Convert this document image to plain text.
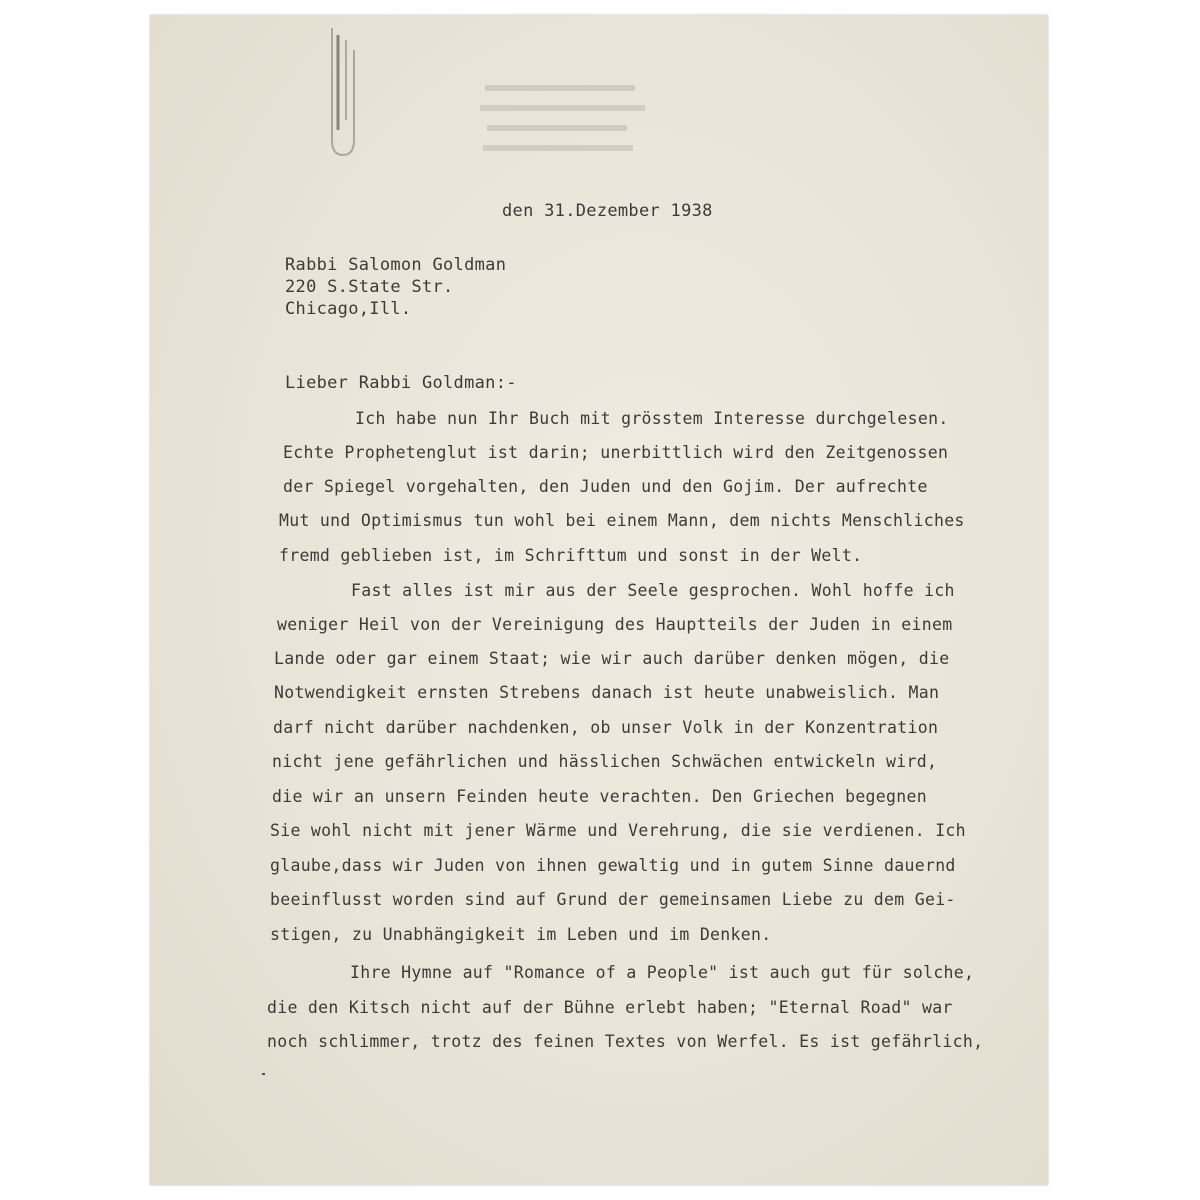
den 31.Dezember 1938

Rabbi Salomon Goldman

220 S.State Str.

Chicago,Ill.

Lieber Rabbi Goldman:-

Ich habe nun Ihr Buch mit grösstem Interesse durchgelesen.

Echte Prophetenglut ist darin; unerbittlich wird den Zeitgenossen

der Spiegel vorgehalten, den Juden und den Gojim. Der aufrechte

Mut und Optimismus tun wohl bei einem Mann, dem nichts Menschliches

fremd geblieben ist, im Schrifttum und sonst in der Welt.

Fast alles ist mir aus der Seele gesprochen. Wohl hoffe ich

weniger Heil von der Vereinigung des Hauptteils der Juden in einem

Lande oder gar einem Staat; wie wir auch darüber denken mögen, die

Notwendigkeit ernsten Strebens danach ist heute unabweislich. Man

darf nicht darüber nachdenken, ob unser Volk in der Konzentration

nicht jene gefährlichen und hässlichen Schwächen entwickeln wird,

die wir an unsern Feinden heute verachten. Den Griechen begegnen

Sie wohl nicht mit jener Wärme und Verehrung, die sie verdienen. Ich

glaube,dass wir Juden von ihnen gewaltig und in gutem Sinne dauernd

beeinflusst worden sind auf Grund der gemeinsamen Liebe zu dem Gei-

stigen, zu Unabhängigkeit im Leben und im Denken.

Ihre Hymne auf "Romance of a People" ist auch gut für solche,

die den Kitsch nicht auf der Bühne erlebt haben; "Eternal Road" war

noch schlimmer, trotz des feinen Textes von Werfel. Es ist gefährlich,
